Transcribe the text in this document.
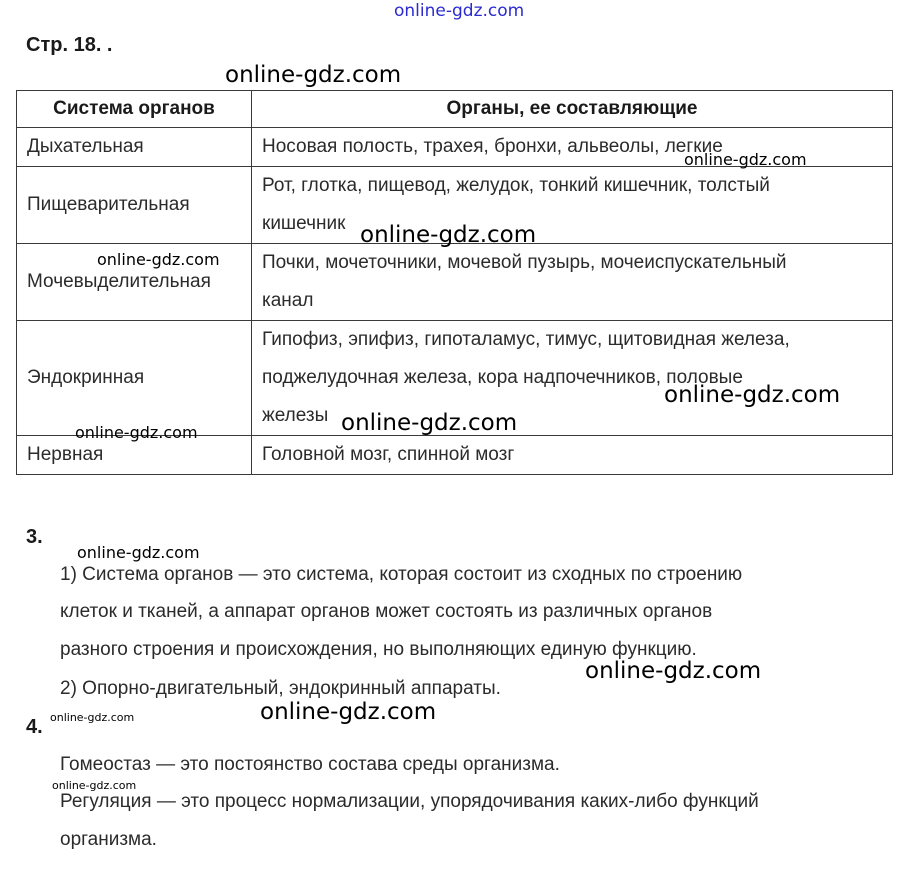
online-gdz.com
Стр. 18. .
Система органов	Органы, ее составляющие
Дыхательная	Носовая полость, трахея, бронхи, альвеолы, легкие

Пищеварительная	Рот, глотка, пищевод, желудок, тонкий кишечник, толстый
кишечник

Мочевыделительная	Почки, мочеточники, мочевой пузырь, мочеиспускательный
канал

Эндокринная	Гипофиз, эпифиз, гипоталамус, тимус, щитовидная железа,
поджелудочная железа, кора надпочечников, половые
железы

Нервная	Головной мозг, спинной мозг
3.
1) Система органов — это система, которая состоит из сходных по строению
клеток и тканей, а аппарат органов может состоять из различных органов
разного строения и происхождения, но выполняющих единую функцию.
2) Опорно-двигательный, эндокринный аппараты.
4.
Гомеостаз — это постоянство состава среды организма.
Регуляция — это процесс нормализации, упорядочивания каких-либо функций
организма.
online-gdz.com
online-gdz.com
online-gdz.com
online-gdz.com
online-gdz.com
online-gdz.com
online-gdz.com
online-gdz.com
online-gdz.com
online-gdz.com
online-gdz.com
online-gdz.com
